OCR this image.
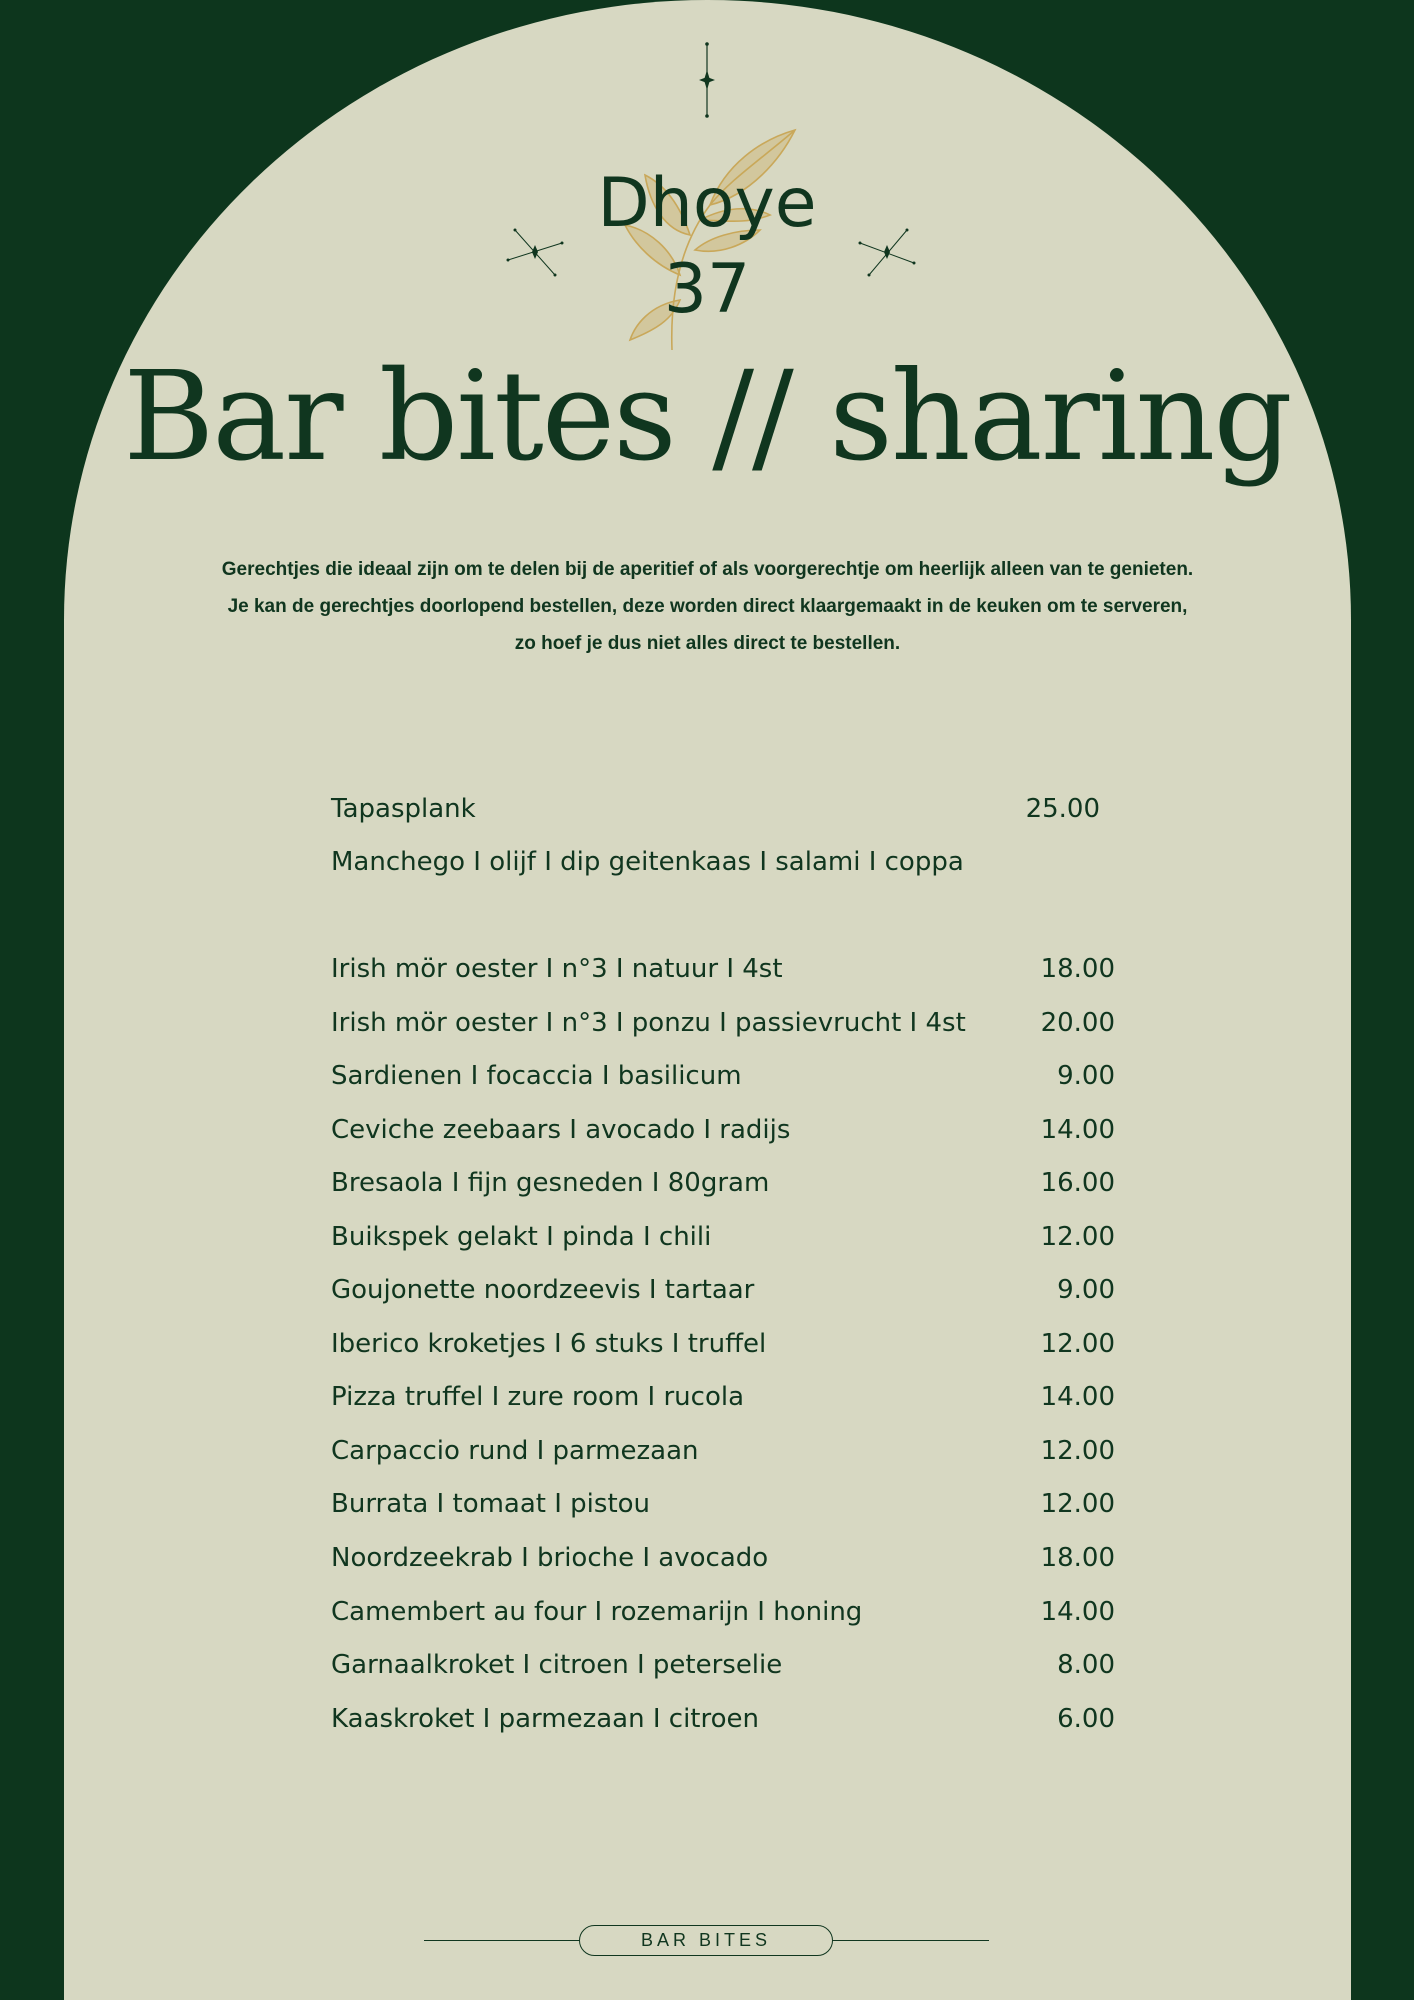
Dhoye
37
Bar bites // sharing
Gerechtjes die ideaal zijn om te delen bij de aperitief of als voorgerechtje om heerlijk alleen van te genieten. Je kan de gerechtjes doorlopend bestellen, deze worden direct klaargemaakt in de keuken om te serveren, zo hoef je dus niet alles direct te bestellen.
Tapasplank	25.00
Manchego I olijf I dip geitenkaas I salami I coppa
Irish mör oester I n°3 I natuur I 4st	18.00
Irish mör oester I n°3 I ponzu I passievrucht I 4st	20.00
Sardienen I focaccia I basilicum	9.00
Ceviche zeebaars I avocado I radijs	14.00
Bresaola I fijn gesneden I 80gram	16.00
Buikspek gelakt I pinda I chili	12.00
Goujonette noordzeevis I tartaar	9.00
Iberico kroketjes I 6 stuks I truffel	12.00
Pizza truffel I zure room I rucola	14.00
Carpaccio rund I parmezaan	12.00
Burrata I tomaat I pistou	12.00
Noordzeekrab I brioche I avocado	18.00
Camembert au four I rozemarijn I honing	14.00
Garnaalkroket I citroen I peterselie	8.00
Kaaskroket I parmezaan I citroen	6.00
BAR BITES
